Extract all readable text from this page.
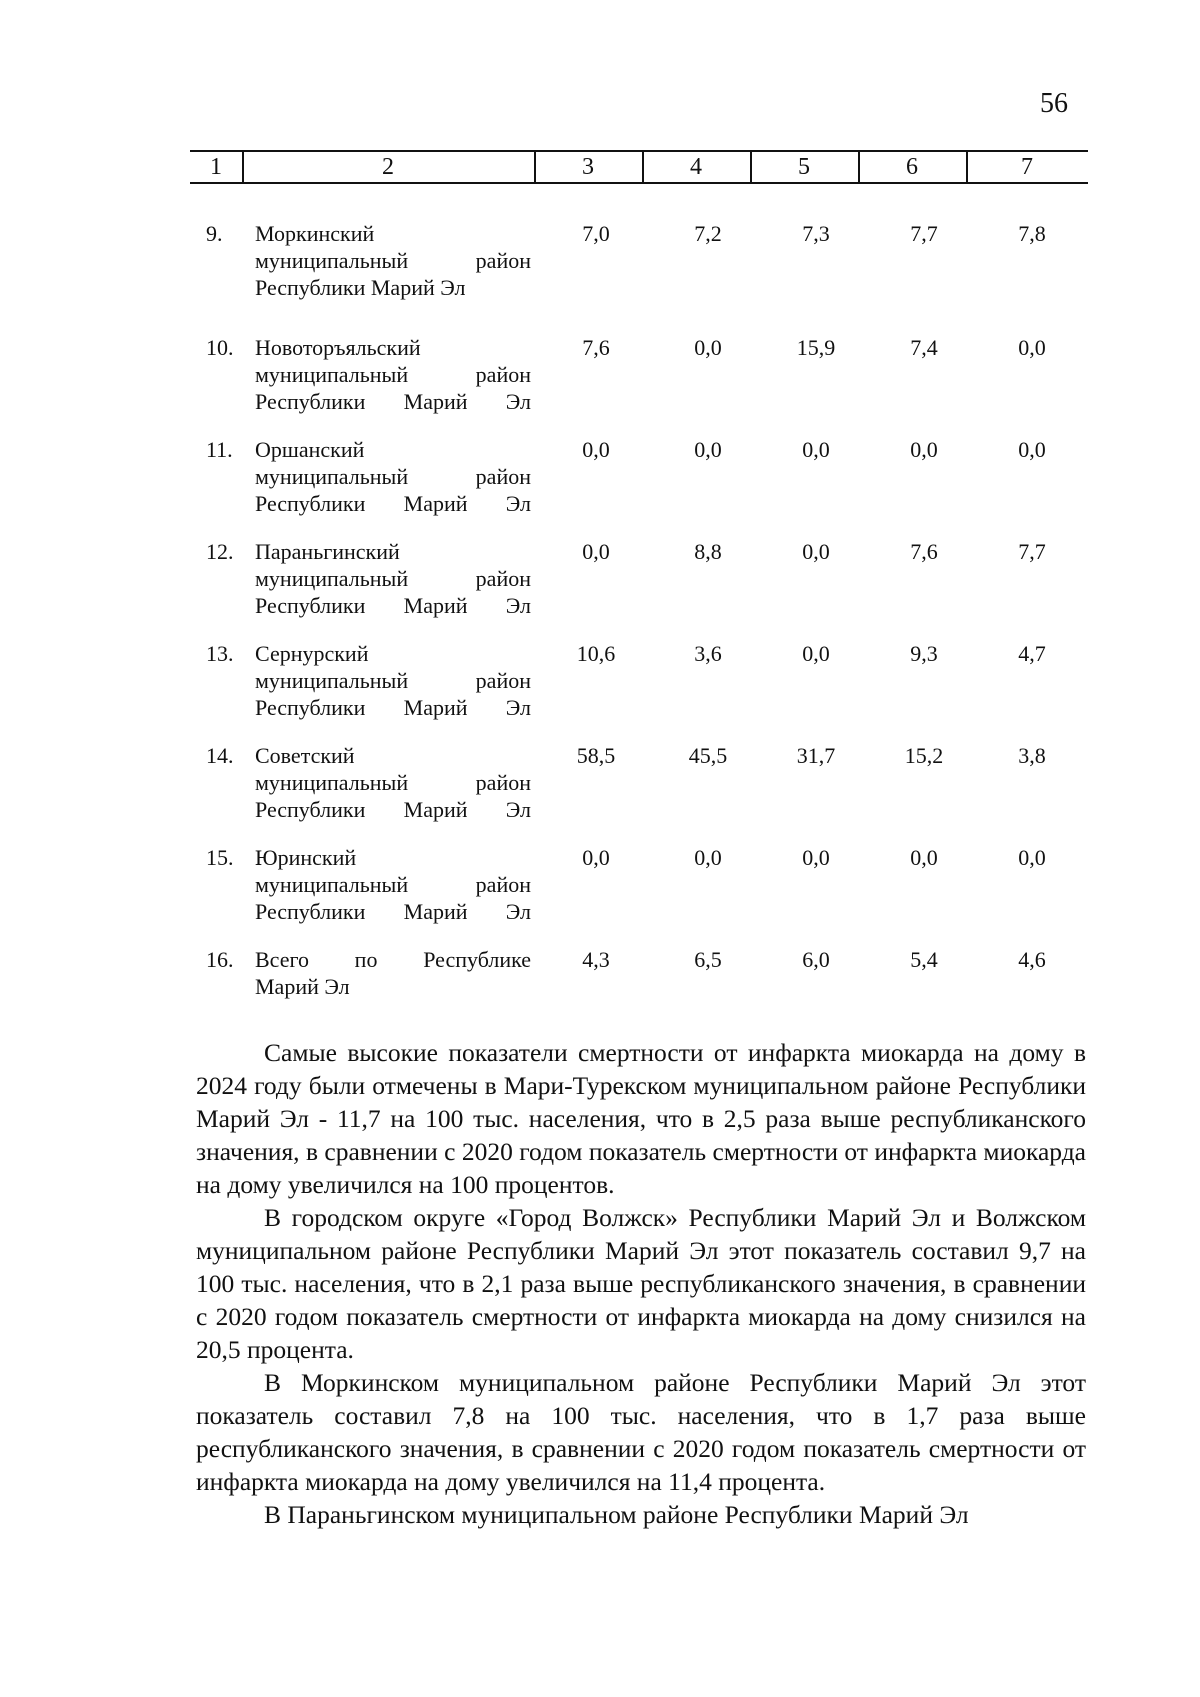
56
1	2	3	4	5	6	7
9. Моркинский
муниципальный район
Республики Марий Эл
7,0	7,2	7,3	7,7	7,8
10. Новоторъяльский
муниципальный район
Республики Марий Эл
7,6	0,0	15,9	7,4	0,0
11. Оршанский
муниципальный район
Республики Марий Эл
0,0	0,0	0,0	0,0	0,0
12. Параньгинский
муниципальный район
Республики Марий Эл
0,0	8,8	0,0	7,6	7,7
13. Сернурский
муниципальный район
Республики Марий Эл
10,6	3,6	0,0	9,3	4,7
14. Советский
муниципальный район
Республики Марий Эл
58,5	45,5	31,7	15,2	3,8
15. Юринский
муниципальный район
Республики Марий Эл
0,0	0,0	0,0	0,0	0,0
16. Всего по Республике
Марий Эл
4,3	6,5	6,0	5,4	4,6

Самые высокие показатели смертности от инфаркта миокарда на дому в 2024 году были отмечены в Мари-Турекском муниципальном районе Республики Марий Эл - 11,7 на 100 тыс. населения, что в 2,5 раза выше республиканского значения, в сравнении с 2020 годом показатель смертности от инфаркта миокарда на дому увеличился на 100 процентов.

В городском округе «Город Волжск» Республики Марий Эл и Волжском муниципальном районе Республики Марий Эл этот показатель составил 9,7 на 100 тыс. населения, что в 2,1 раза выше республиканского значения, в сравнении с 2020 годом показатель смертности от инфаркта миокарда на дому снизился на 20,5 процента.

В Моркинском муниципальном районе Республики Марий Эл этот показатель составил 7,8 на 100 тыс. населения, что в 1,7 раза выше республиканского значения, в сравнении с 2020 годом показатель смертности от инфаркта миокарда на дому увеличился на 11,4 процента.

В Параньгинском муниципальном районе Республики Марий Эл
